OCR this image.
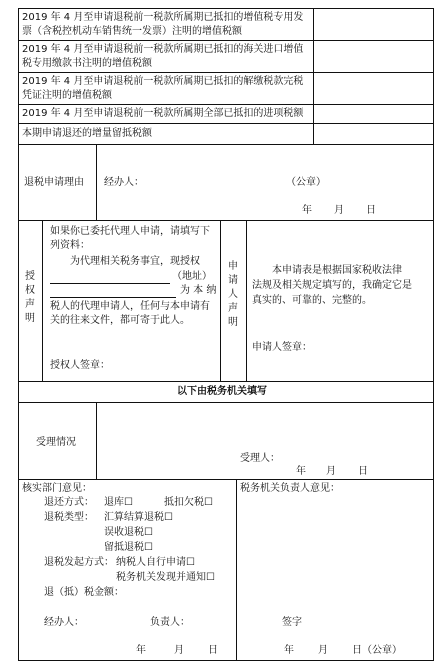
2019 年 4 月至申请退税前一税款所属期已抵扣的增值税专用发
票（含税控机动车销售统一发票）注明的增值税额
2019 年 4 月至申请退税前一税款所属期已抵扣的海关进口增值
税专用缴款书注明的增值税额
2019 年 4 月至申请退税前一税款所属期已抵扣的解缴税款完税
凭证注明的增值税额
2019 年 4 月至申请退税前一税款所属期全部已抵扣的进项税额
本期申请退还的增量留抵税额
退税申请理由 经办人：	（公章）
年 月 日
授权声明
如果你已委托代理人申请，请填写下
列资料：
为代理相关税务事宜，现授权
（地址）
为 本 纳
税人的代理申请人，任何与本申请有
关的往来文件，都可寄于此人。
授权人签章：
申请人声明
本申请表是根据国家税收法律
法规及相关规定填写的，我确定它是
真实的、可靠的、完整的。
申请人签章：
以下由税务机关填写
受理情况
受理人：
年 月 日
核实部门意见：
退还方式： 退库☐	抵扣欠税☐
退税类型： 汇算结算退税☐
误收退税☐
留抵退税☐
退税发起方式： 纳税人自行申请☐
税务机关发现并通知☐
退（抵）税金额：
经办人：	负责人：
年	月 日
税务机关负责人意见：
签字
年 月 日（公章）
